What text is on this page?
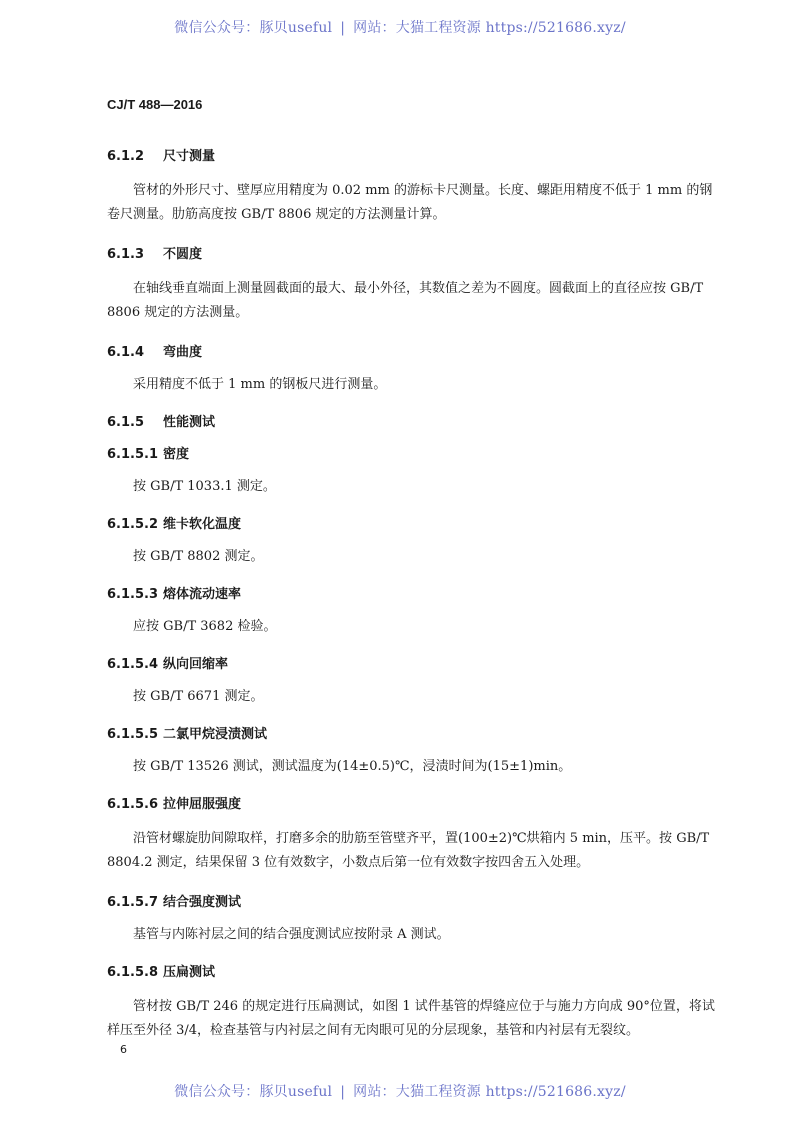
微信公众号：豚贝useful | 网站：大猫工程资源 https://521686.xyz/
CJ/T 488—2016
6.1.2 尺寸测量

管材的外形尺寸、壁厚应用精度为 0.02 mm 的游标卡尺测量。长度、螺距用精度不低于 1 mm 的钢卷尺测量。肋筋高度按 GB/T 8806 规定的方法测量计算。

6.1.3 不圆度

在轴线垂直端面上测量圆截面的最大、最小外径，其数值之差为不圆度。圆截面上的直径应按 GB/T 8806 规定的方法测量。

6.1.4 弯曲度

采用精度不低于 1 mm 的钢板尺进行测量。

6.1.5 性能测试
6.1.5.1 密度

按 GB/T 1033.1 测定。

6.1.5.2 维卡软化温度

按 GB/T 8802 测定。

6.1.5.3 熔体流动速率

应按 GB/T 3682 检验。

6.1.5.4 纵向回缩率

按 GB/T 6671 测定。

6.1.5.5 二氯甲烷浸渍测试

按 GB/T 13526 测试，测试温度为(14±0.5)℃，浸渍时间为(15±1)min。

6.1.5.6 拉伸屈服强度

沿管材螺旋肋间隙取样，打磨多余的肋筋至管壁齐平，置(100±2)℃烘箱内 5 min，压平。按 GB/T 8804.2 测定，结果保留 3 位有效数字，小数点后第一位有效数字按四舍五入处理。

6.1.5.7 结合强度测试

基管与内陈衬层之间的结合强度测试应按附录 A 测试。

6.1.5.8 压扁测试

管材按 GB/T 246 的规定进行压扁测试，如图 1 试件基管的焊缝应位于与施力方向成 90°位置，将试样压至外径 3/4，检查基管与内衬层之间有无肉眼可见的分层现象，基管和内衬层有无裂纹。

6
微信公众号：豚贝useful | 网站：大猫工程资源 https://521686.xyz/
